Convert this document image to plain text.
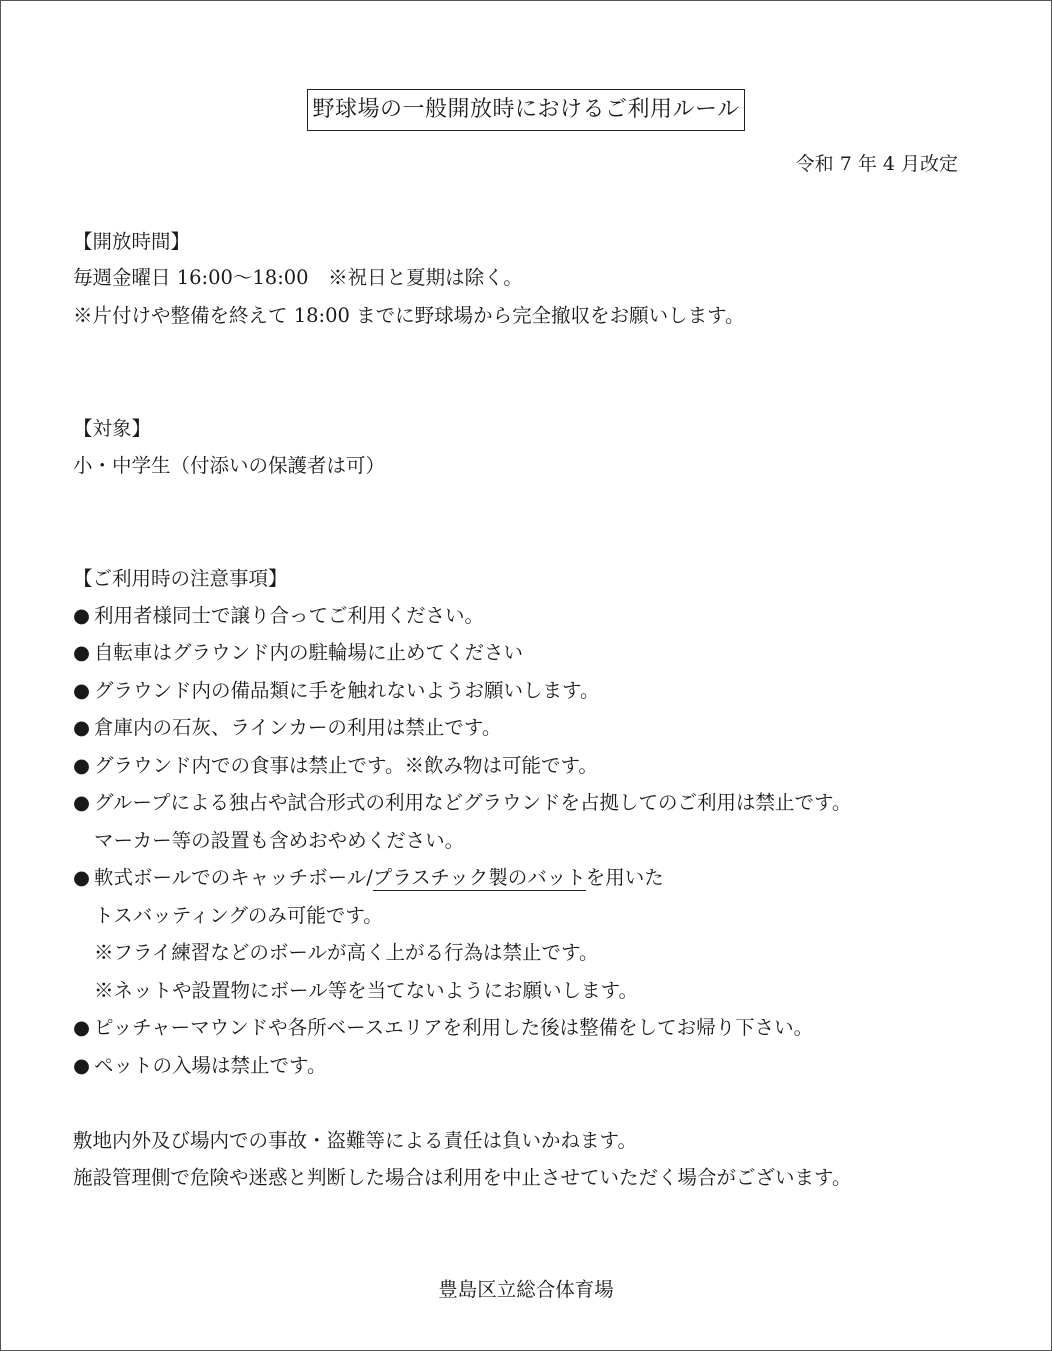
野球場の一般開放時におけるご利用ルール
令和 7 年 4 月改定
【開放時間】
毎週金曜日 16:00～18:00　※祝日と夏期は除く。
※片付けや整備を終えて 18:00 までに野球場から完全撤収をお願いします。
【対象】
小・中学生（付添いの保護者は可）
【ご利用時の注意事項】
● 利用者様同士で譲り合ってご利用ください。
● 自転車はグラウンド内の駐輪場に止めてください
● グラウンド内の備品類に手を触れないようお願いします。
● 倉庫内の石灰、ラインカーの利用は禁止です。
● グラウンド内での食事は禁止です。※飲み物は可能です。
● グループによる独占や試合形式の利用などグラウンドを占拠してのご利用は禁止です。
マーカー等の設置も含めおやめください。
● 軟式ボールでのキャッチボール/プラスチック製のバットを用いた
トスバッティングのみ可能です。
※フライ練習などのボールが高く上がる行為は禁止です。
※ネットや設置物にボール等を当てないようにお願いします。
● ピッチャーマウンドや各所ベースエリアを利用した後は整備をしてお帰り下さい。
● ペットの入場は禁止です。
敷地内外及び場内での事故・盗難等による責任は負いかねます。
施設管理側で危険や迷惑と判断した場合は利用を中止させていただく場合がございます。
豊島区立総合体育場
